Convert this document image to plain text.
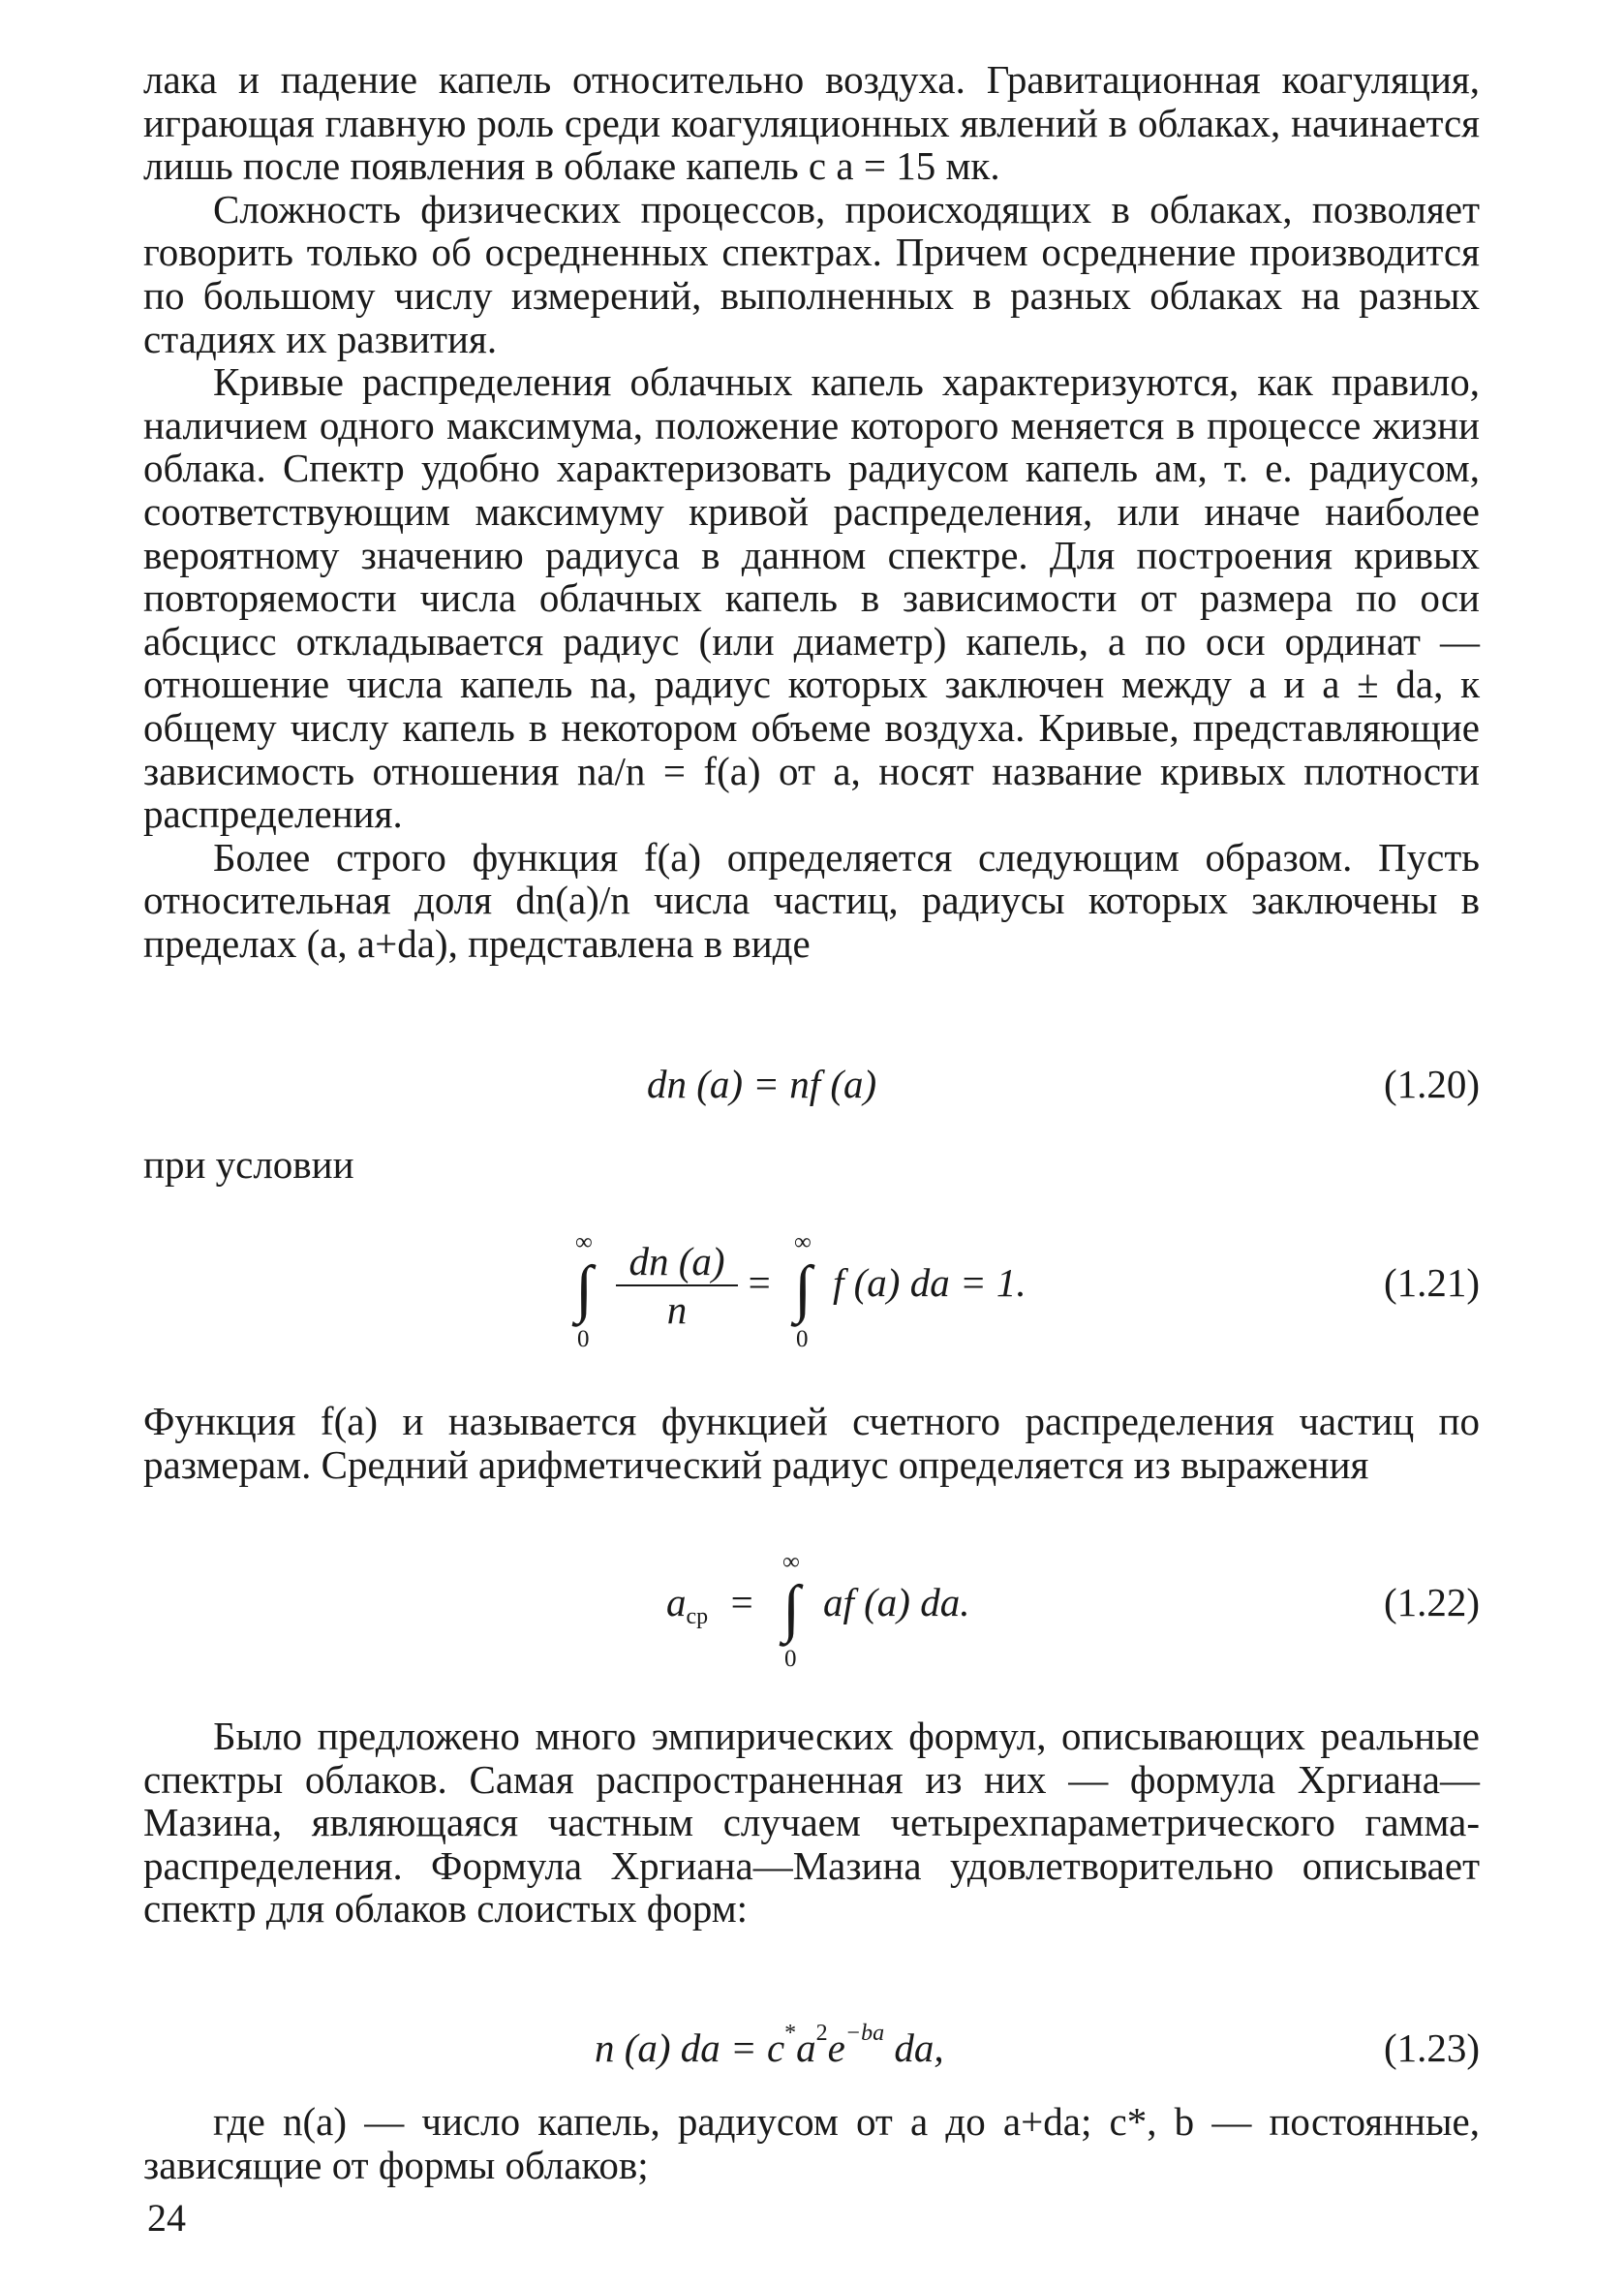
лака и падение капель относительно воздуха. Гравитационная коагуляция, играющая главную роль среди коагуляционных явлений в облаках, начинается лишь после появления в облаке капель с a = 15 мк.

Сложность физических процессов, происходящих в облаках, позволяет говорить только об осредненных спектрах. Причем осреднение производится по большому числу измерений, выполненных в разных облаках на разных стадиях их развития.

Кривые распределения облачных капель характеризуются, как правило, наличием одного максимума, положение которого меняется в процессе жизни облака. Спектр удобно характеризовать радиусом капель aм, т. е. радиусом, соответствующим максимуму кривой распределения, или иначе наиболее вероятному значению радиуса в данном спектре. Для построения кривых повторяемости числа облачных капель в зависимости от размера по оси абсцисс откладывается радиус (или диаметр) капель, а по оси ординат — отношение числа капель na, радиус которых заключен между a и a ± da, к общему числу капель в некотором объеме воздуха. Кривые, представляющие зависимость отношения na/n = f(a) от a, носят название кривых плотности распределения.

Более строго функция f(a) определяется следующим образом. Пусть относительная доля dn(a)/n числа частиц, радиусы которых заключены в пределах (a, a+da), представлена в виде

dn (a) = nf (a)	(1.20)

при условии

∞
∫
0
dn (a)
n
=
∞
∫
0
f (a) da = 1.	(1.21)

Функция f(a) и называется функцией счетного распределения частиц по размерам. Средний арифметический радиус определяется из выражения

$a_{ср}$ =
∞
∫
0
af (a) da.	(1.22)

Было предложено много эмпирических формул, описывающих реальные спектры облаков. Самая распространенная из них — формула Хргиана—Мазина, являющаяся частным случаем четырехпараметрического гамма-распределения. Формула Хргиана—Мазина удовлетворительно описывает спектр для облаков слоистых форм:

n (a) da = $c^*a^2e^{-ba}$ da,	(1.23)

где n(a) — число капель, радиусом от a до a+da; c*, b — постоянные, зависящие от формы облаков;

24
